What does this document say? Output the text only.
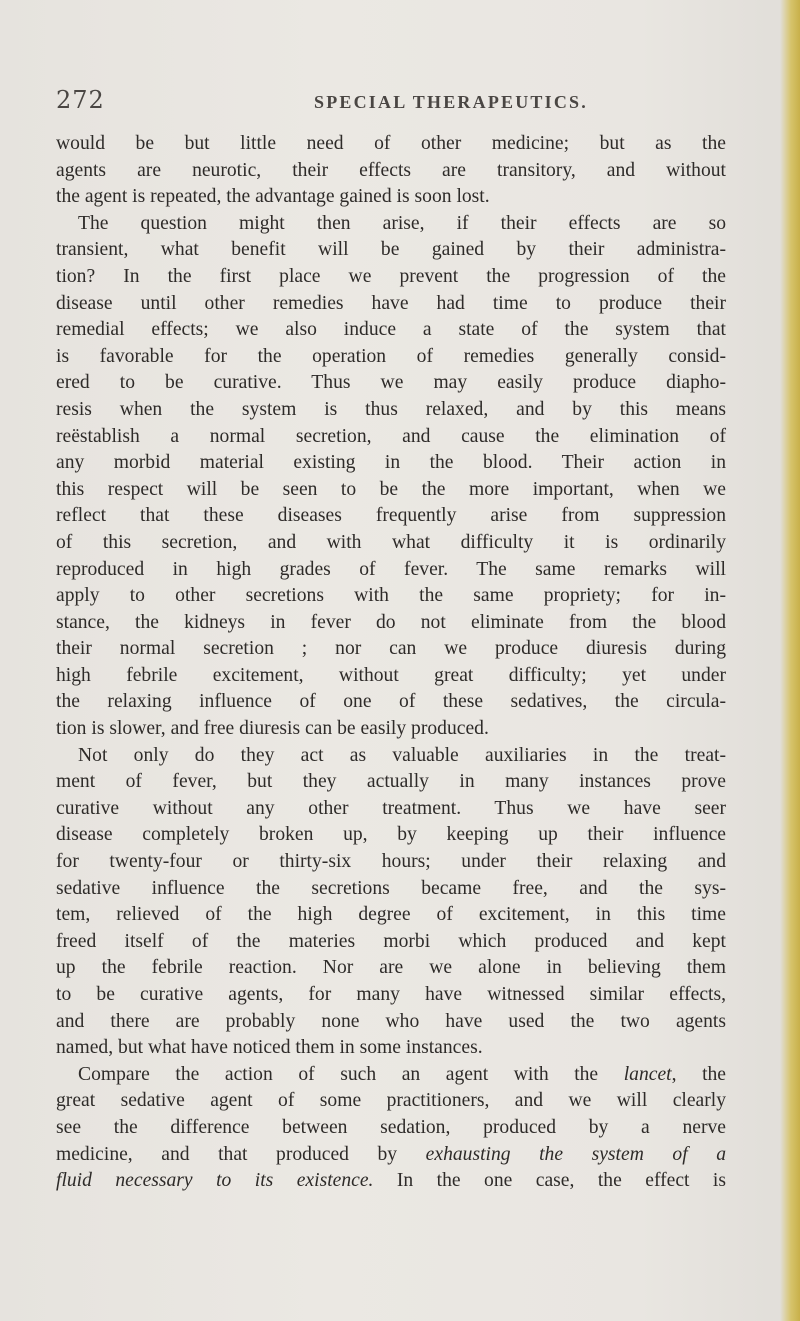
272	SPECIAL THERAPEUTICS.
would be but little need of other medicine; but as the
agents are neurotic, their effects are transitory, and without
the agent is repeated, the advantage gained is soon lost.
The question might then arise, if their effects are so
transient, what benefit will be gained by their administra-
tion? In the first place we prevent the progression of the
disease until other remedies have had time to produce their
remedial effects; we also induce a state of the system that
is favorable for the operation of remedies generally consid-
ered to be curative. Thus we may easily produce diapho-
resis when the system is thus relaxed, and by this means
reëstablish a normal secretion, and cause the elimination of
any morbid material existing in the blood. Their action in
this respect will be seen to be the more important, when we
reflect that these diseases frequently arise from suppression
of this secretion, and with what difficulty it is ordinarily
reproduced in high grades of fever. The same remarks will
apply to other secretions with the same propriety; for in-
stance, the kidneys in fever do not eliminate from the blood
their normal secretion ; nor can we produce diuresis during
high febrile excitement, without great difficulty; yet under
the relaxing influence of one of these sedatives, the circula-
tion is slower, and free diuresis can be easily produced.
Not only do they act as valuable auxiliaries in the treat-
ment of fever, but they actually in many instances prove
curative without any other treatment. Thus we have seer
disease completely broken up, by keeping up their influence
for twenty-four or thirty-six hours; under their relaxing and
sedative influence the secretions became free, and the sys-
tem, relieved of the high degree of excitement, in this time
freed itself of the materies morbi which produced and kept
up the febrile reaction. Nor are we alone in believing them
to be curative agents, for many have witnessed similar effects,
and there are probably none who have used the two agents
named, but what have noticed them in some instances.
Compare the action of such an agent with the lancet, the
great sedative agent of some practitioners, and we will clearly
see the difference between sedation, produced by a nerve
medicine, and that produced by exhausting the system of a
fluid necessary to its existence. In the one case, the effect is
